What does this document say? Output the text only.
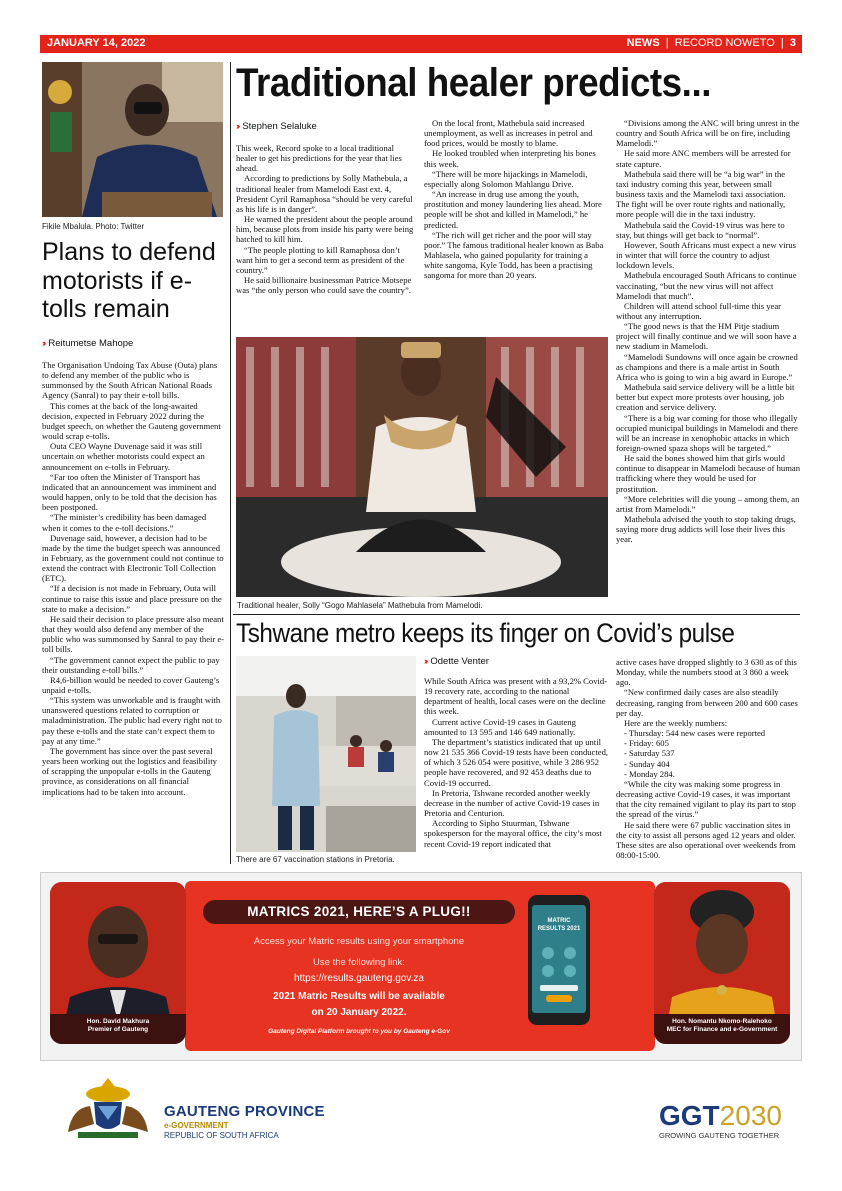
JANUARY 14, 2022	NEWS  |  RECORD NOWETO  |  3
Fikile Mbalula. Photo: Twitter
Plans to defend motorists if e-tolls remain
›› Reitumetse Mahope

The Organisation Undoing Tax Abuse (Outa) plans to defend any member of the public who is summonsed by the South African National Roads Agency (Sanral) to pay their e-toll bills.

This comes at the back of the long-awaited decision, expected in February 2022 during the budget speech, on whether the Gauteng government would scrap e-tolls.

Outa CEO Wayne Duvenage said it was still uncertain on whether motorists could expect an announcement on e-tolls in February.

“Far too often the Minister of Transport has indicated that an announcement was imminent and would happen, only to be told that the decision has been postponed.

“The minister’s credibility has been damaged when it comes to the e-toll decisions.”

Duvenage said, however, a decision had to be made by the time the budget speech was announced in February, as the government could not continue to extend the contract with Electronic Toll Collection (ETC).

“If a decision is not made in February, Outa will continue to raise this issue and place pressure on the state to make a decision.”

He said their decision to place pressure also meant that they would also defend any member of the public who was summonsed by Sanral to pay their e-toll bills.

“The government cannot expect the public to pay their outstanding e-toll bills.”

R4,6-billion would be needed to cover Gauteng’s unpaid e-tolls.

“This system was unworkable and is fraught with unanswered questions related to corruption or maladministration. The public had every right not to pay these e-tolls and the state can’t expect them to pay at any time.”

The government has since over the past several years been working out the logistics and feasibility of scrapping the unpopular e-tolls in the Gauteng province, as considerations on all financial implications had to be taken into account.

Traditional healer predicts...
›› Stephen Selaluke

This week, Record spoke to a local traditional healer to get his predictions for the year that lies ahead.

According to predictions by Solly Mathebula, a traditional healer from Mamelodi East ext. 4, President Cyril Ramaphosa “should be very careful as his life is in danger”.

He warned the president about the people around him, because plots from inside his party were being hatched to kill him.

“The people plotting to kill Ramaphosa don’t want him to get a second term as president of the country.”

He said billionaire businessman Patrice Motsepe was “the only person who could save the country”.

On the local front, Mathebula said increased unemployment, as well as increases in petrol and food prices, would be mostly to blame.

He looked troubled when interpreting his bones this week.

“There will be more hijackings in Mamelodi, especially along Solomon Mahlangu Drive.

“An increase in drug use among the youth, prostitution and money laundering lies ahead. More people will be shot and killed in Mamelodi,” he predicted.

“The rich will get richer and the poor will stay poor.” The famous traditional healer known as Baba Mahlasela, who gained popularity for training a white sangoma, Kyle Todd, has been a practising sangoma for more than 20 years.

“Divisions among the ANC will bring unrest in the country and South Africa will be on fire, including Mamelodi.”

He said more ANC members will be arrested for state capture.

Mathebula said there will be “a big war” in the taxi industry coming this year, between small business taxis and the Mamelodi taxi association. The fight will be over route rights and nationally, more people will die in the taxi industry.

Mathebula said the Covid-19 virus was here to stay, but things will get back to “normal”.

However, South Africans must expect a new virus in winter that will force the country to adjust lockdown levels.

Mathebula encouraged South Africans to continue vaccinating, “but the new virus will not affect Mamelodi that much”.

Children will attend school full-time this year without any interruption.

“The good news is that the HM Pitje stadium project will finally continue and we will soon have a new stadium in Mamelodi.

“Mamelodi Sundowns will once again be crowned as champions and there is a male artist in South Africa who is going to win a big award in Europe.”

Mathebula said service delivery will be a little bit better but expect more protests over housing, job creation and service delivery.

“There is a big war coming for those who illegally occupied municipal buildings in Mamelodi and there will be an increase in xenophobic attacks in which foreign-owned spaza shops will be targeted.”

He said the bones showed him that girls would continue to disappear in Mamelodi because of human trafficking where they would be used for prostitution.

“More celebrities will die young – among them, an artist from Mamelodi.”

Mathebula advised the youth to stop taking drugs, saying more drug addicts will lose their lives this year.

Traditional healer, Solly “Gogo Mahlasela” Mathebula from Mamelodi.
Tshwane metro keeps its finger on Covid’s pulse
There are 67 vaccination stations in Pretoria.
›› Odette Venter

While South Africa was present with a 93,2% Covid-19 recovery rate, according to the national department of health, local cases were on the decline this week.

Current active Covid-19 cases in Gauteng amounted to 13 595 and 146 649 nationally.

The department’s statistics indicated that up until now 21 535 366 Covid-19 tests have been conducted, of which 3 526 054 were positive, while 3 286 952 people have recovered, and 92 453 deaths due to Covid-19 occurred.

In Pretoria, Tshwane recorded another weekly decrease in the number of active Covid-19 cases in Pretoria and Centurion.

According to Sipho Stuurman, Tshwane spokesperson for the mayoral office, the city’s most recent Covid-19 report indicated that

active cases have dropped slightly to 3 630 as of this Monday, while the numbers stood at 3 860 a week ago.

“New confirmed daily cases are also steadily decreasing, ranging from between 200 and 600 cases per day.

Here are the weekly numbers:

- Thursday: 544 new cases were reported

- Friday: 605

- Saturday 537

- Sunday 404

- Monday 284.

“While the city was making some progress in decreasing active Covid-19 cases, it was important that the city remained vigilant to play its part to stop the spread of the virus.”

He said there were 67 public vaccination sites in the city to assist all persons aged 12 years and older. These sites are also operational over weekends from 08:00-15:00.

Hon. David Makhura
Premier of Gauteng
Hon. Nomantu Nkomo-Ralehoko
MEC for Finance and e-Government
MATRICS 2021, HERE’S A PLUG!!
Access your Matric results using your smartphone
Use the following link:
https://results.gauteng.gov.za
2021 Matric Results will be available
on 20 January 2022.
Gauteng Digital Platform brought to you by Gauteng e-Gov
MATRIC RESULTS 2021
GAUTENG PROVINCE
e-GOVERNMENT
REPUBLIC OF SOUTH AFRICA
GGT2030
GROWING GAUTENG TOGETHER
